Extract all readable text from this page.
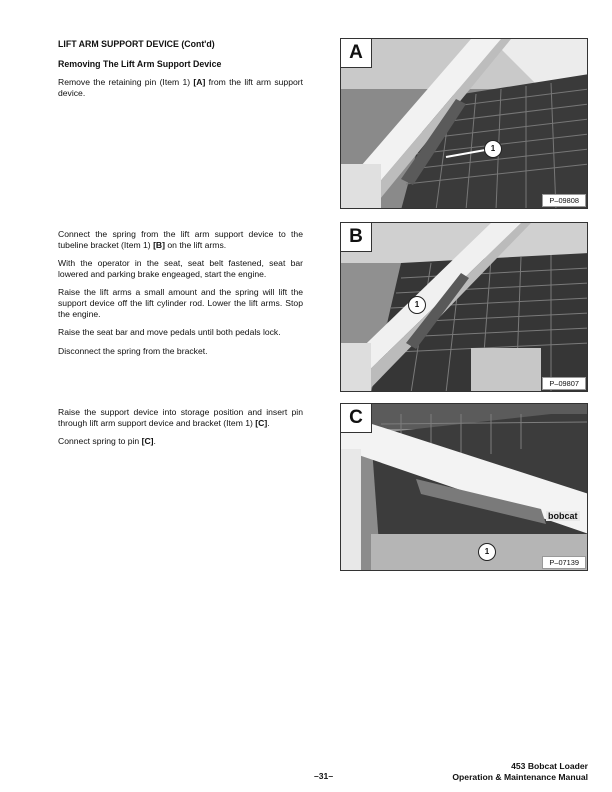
LIFT ARM SUPPORT DEVICE (Cont'd)
Removing The Lift Arm Support Device

Remove the retaining pin (Item 1) [A] from the lift arm support device.

Connect the spring from the lift arm support device to the tubeline bracket (Item 1) [B] on the lift arms.

With the operator in the seat, seat belt fastened, seat bar lowered and parking brake engeaged, start the engine.

Raise the lift arms a small amount and the spring will lift the support device off the lift cylinder rod. Lower the lift arms. Stop the engine.

Raise the seat bar and move pedals until both pedals lock.

Disconnect the spring from the bracket.

Raise the support device into storage position and insert pin through lift arm support device and bracket (Item 1) [C].

Connect spring to pin [C].

A
1
P–09808
B
1
P–09807
C
bobcat
1
P–07139
–31–
453 Bobcat Loader
Operation & Maintenance Manual
